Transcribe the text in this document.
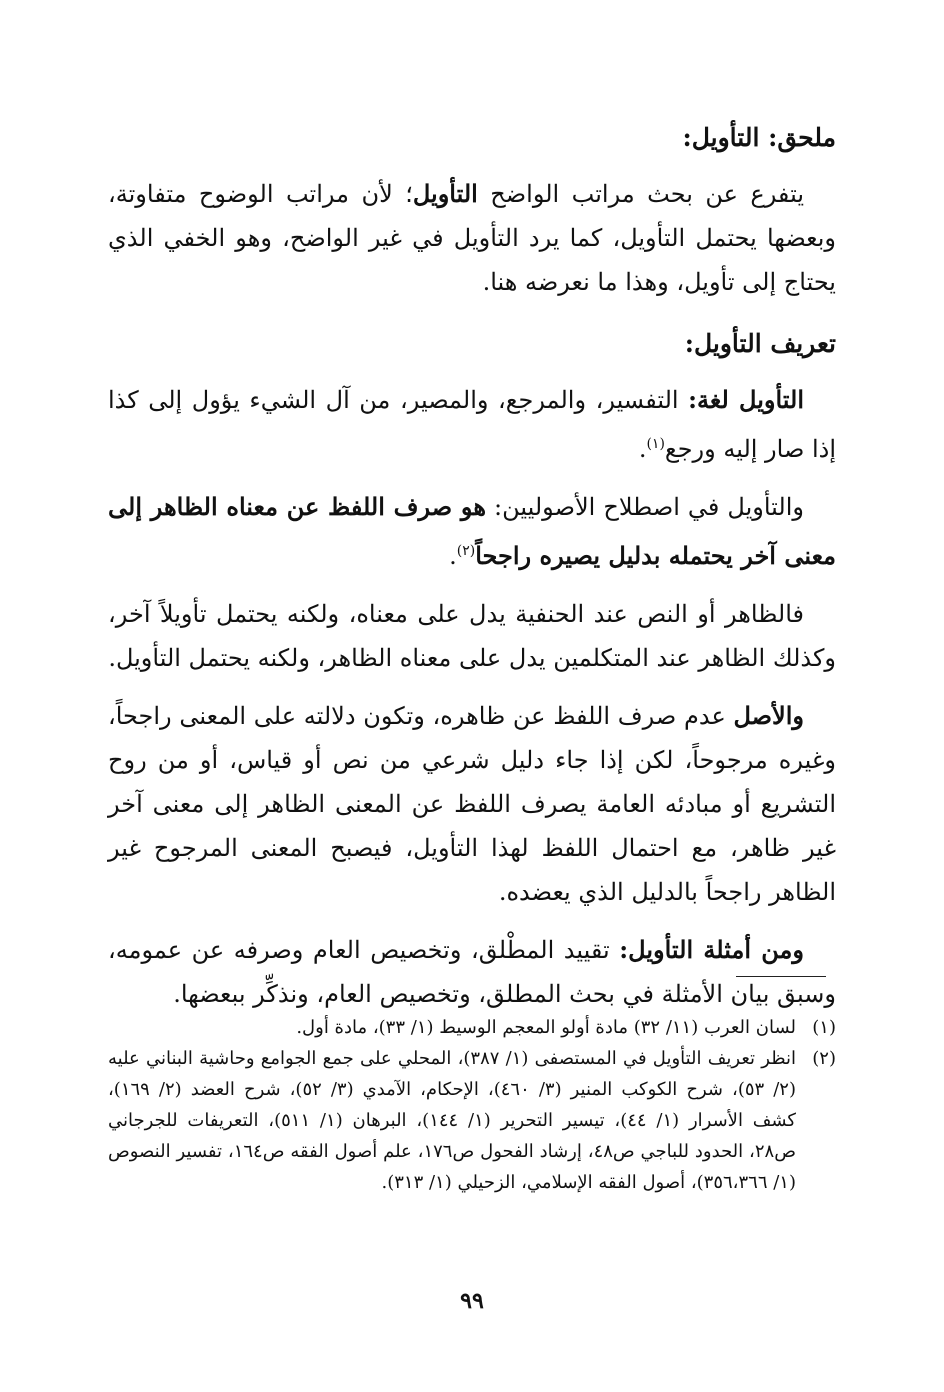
ملحق: التأويل:

يتفرع عن بحث مراتب الواضح التأويل؛ لأن مراتب الوضوح متفاوتة، وبعضها يحتمل التأويل، كما يرد التأويل في غير الواضح، وهو الخفي الذي يحتاج إلى تأويل، وهذا ما نعرضه هنا.

تعريف التأويل:

التأويل لغة: التفسير، والمرجع، والمصير، من آل الشيء يؤول إلى كذا إذا صار إليه ورجع$^{(١)}$.

والتأويل في اصطلاح الأصوليين: هو صرف اللفظ عن معناه الظاهر إلى معنى آخر يحتمله بدليل يصيره راجحاً$^{(٢)}$.

فالظاهر أو النص عند الحنفية يدل على معناه، ولكنه يحتمل تأويلاً آخر، وكذلك الظاهر عند المتكلمين يدل على معناه الظاهر، ولكنه يحتمل التأويل.

والأصل عدم صرف اللفظ عن ظاهره، وتكون دلالته على المعنى راجحاً، وغيره مرجوحاً، لكن إذا جاء دليل شرعي من نص أو قياس، أو من روح التشريع أو مبادئه العامة يصرف اللفظ عن المعنى الظاهر إلى معنى آخر غير ظاهر، مع احتمال اللفظ لهذا التأويل، فيصبح المعنى المرجوح غير الظاهر راجحاً بالدليل الذي يعضده.

ومن أمثلة التأويل: تقييد المطْلق، وتخصيص العام وصرفه عن عمومه، وسبق بيان الأمثلة في بحث المطلق، وتخصيص العام، ونذكِّر ببعضها.

(١)
لسان العرب (١١/ ٣٢) مادة أولو المعجم الوسيط (١/ ٣٣)، مادة أول.
(٢)
انظر تعريف التأويل في المستصفى (١/ ٣٨٧)، المحلي على جمع الجوامع وحاشية البناني عليه (٢/ ٥٣)، شرح الكوكب المنير (٣/ ٤٦٠)، الإحكام، الآمدي (٣/ ٥٢)، شرح العضد (٢/ ١٦٩)، كشف الأسرار (١/ ٤٤)، تيسير التحرير (١/ ١٤٤)، البرهان (١/ ٥١١)، التعريفات للجرجاني ص٢٨، الحدود للباجي ص٤٨، إرشاد الفحول ص١٧٦، علم أصول الفقه ص١٦٤، تفسير النصوص (١/ ٣٥٦،٣٦٦)، أصول الفقه الإسلامي، الزحيلي (١/ ٣١٣).
٩٩
